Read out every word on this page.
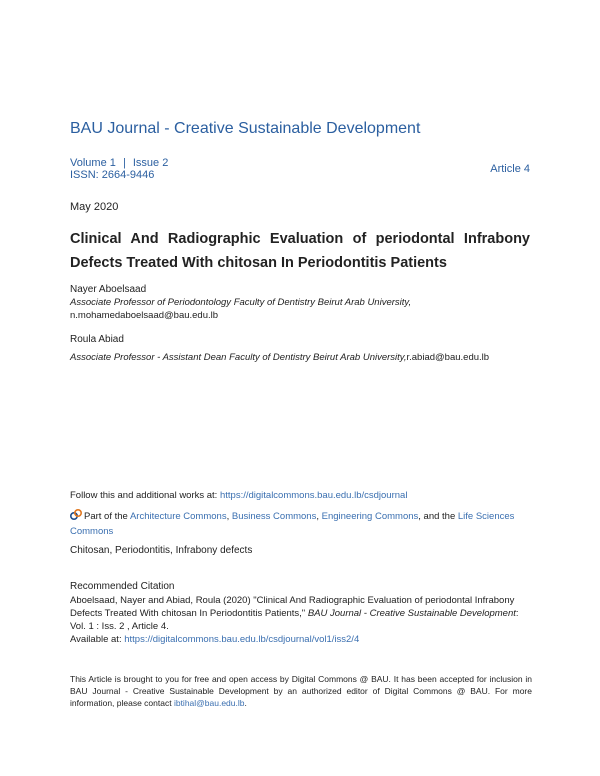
BAU Journal - Creative Sustainable Development
Volume 1 | Issue 2
ISSN: 2664-9446	Article 4
May 2020
Clinical And Radiographic Evaluation of periodontal Infrabony Defects Treated With chitosan In Periodontitis Patients
Nayer Aboelsaad
Associate Professor of Periodontology Faculty of Dentistry Beirut Arab University,
n.mohamedaboelsaad@bau.edu.lb
Roula Abiad
Associate Professor - Assistant Dean Faculty of Dentistry Beirut Arab University,r.abiad@bau.edu.lb
Follow this and additional works at: https://digitalcommons.bau.edu.lb/csdjournal
Part of the Architecture Commons, Business Commons, Engineering Commons, and the Life Sciences Commons
Chitosan, Periodontitis, Infrabony defects
Recommended Citation
Aboelsaad, Nayer and Abiad, Roula (2020) "Clinical And Radiographic Evaluation of periodontal Infrabony Defects Treated With chitosan In Periodontitis Patients," BAU Journal - Creative Sustainable Development: Vol. 1 : Iss. 2 , Article 4.
Available at: https://digitalcommons.bau.edu.lb/csdjournal/vol1/iss2/4
This Article is brought to you for free and open access by Digital Commons @ BAU. It has been accepted for inclusion in BAU Journal - Creative Sustainable Development by an authorized editor of Digital Commons @ BAU. For more information, please contact ibtihal@bau.edu.lb.
